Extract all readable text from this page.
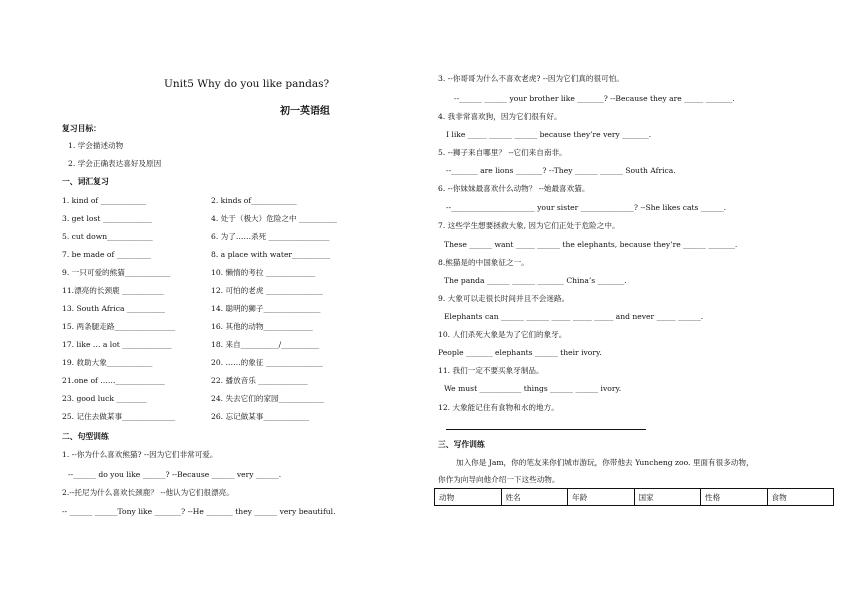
Unit5 Why do you like pandas?
初一英语组
复习目标：
1. 学会描述动物
2. 学会正确表达喜好及原因
一、词汇复习
1. kind of ____________	2. kinds of____________
3. get lost _____________	4. 处于（极大）危险之中 __________
5. cut down____________	6. 为了……杀死 ________________
7. be made of _________	8. a place with water__________
9. 一只可爱的熊猫____________	10. 懒惰的考拉 _____________
11.漂亮的长颈鹿 ___________	12. 可怕的老虎 _______________
13. South Africa __________	14. 聪明的狮子_______________
15. 两条腿走路________________	16. 其他的动物_____________
17. like … a lot _____________	18. 来自__________/__________
19. 救助大象____________	20. ……的象征 _______________
21.one of ……_____________	22. 播放音乐 _____________
23. good luck ________	24. 失去它们的家园____________
25. 记住去做某事______________	26. 忘记做某事____________
二、句型训练
1. --你为什么喜欢熊猫? --因为它们非常可爱。
--______ do you like ______? --Because ______ very ______.
2.--托尼为什么喜欢长颈鹿？ --他认为它们很漂亮。
-- ______ ______Tony like _______? --He _______ they ______ very beautiful.
3. --你哥哥为什么不喜欢老虎? --因为它们真的很可怕。
--______ ______ your brother like _______? --Because they are _____ _______.
4. 我非常喜欢狗，因为它们很有好。
I like _____ ______ ______ because they’re very _______.
5. --狮子来自哪里？ --它们来自南非。
--_______ are lions _______? --They ______ ______ South Africa.
6. --你妹妹最喜欢什么动物？ --她最喜欢猫。
--______________________ your sister ______________? --She likes cats ______.
7. 这些学生想要拯救大象, 因为它们正处于危险之中。
These ______ want _____ ______ the elephants, because they’re ______ _______.
8.熊猫是的中国象征之一。
The panda ______ ______ _______ China’s _______.
9. 大象可以走很长时间并且不会迷路。
Elephants can ______ ______ _____ _____ _____ and never _____ ______.
10. 人们杀死大象是为了它们的象牙。
People _______ elephants ______ their ivory.
11. 我们一定不要买象牙制品。
We must ___________ things ______ ______ ivory.
12. 大象能记住有食物和水的地方。
三、写作训练
加入你是 Jam，你的笔友来你们城市游玩，你带他去 Yuncheng zoo. 里面有很多动物，
你作为向导向他介绍一下这些动物。
动物	姓名	年龄	国家	性格	食物
